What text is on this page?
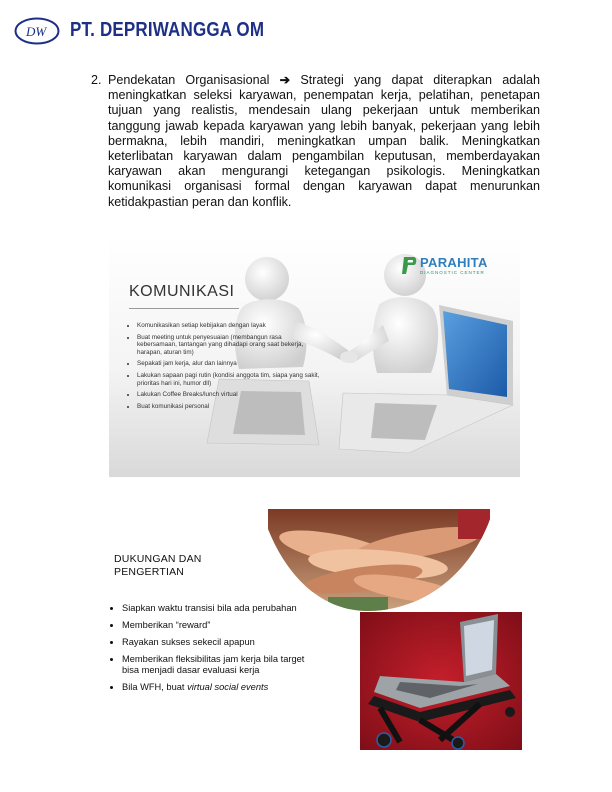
DW PT. DEPRIWANGGA OM
2. Pendekatan Organisasional ➔ Strategi yang dapat diterapkan adalah meningkatkan seleksi karyawan, penempatan kerja, pelatihan, penetapan tujuan yang realistis, mendesain ulang pekerjaan untuk memberikan tanggung jawab kepada karyawan yang lebih banyak, pekerjaan yang lebih bermakna, lebih mandiri, meningkatkan umpan balik. Meningkatkan keterlibatan karyawan dalam pengambilan keputusan, memberdayakan karyawan akan mengurangi ketegangan psikologis. Meningkatkan komunikasi organisasi formal dengan karyawan dapat menurunkan ketidakpastian peran dan konflik.
PARAHITA
DIAGNOSTIC CENTER
KOMUNIKASI
• Komunikasikan setiap kebijakan dengan layak
• Buat meeting untuk penyesuaian (membangun rasa kebersamaan, tantangan yang dihadapi orang saat bekerja, harapan, aturan tim)
• Sepakati jam kerja, alur dan lainnya
• Lakukan sapaan pagi rutin (kondisi anggota tim, siapa yang sakit, prioritas hari ini, humor dll)
• Lakukan Coffee Breaks/lunch virtual
• Buat komunikasi personal
DUKUNGAN DAN
PENGERTIAN
• Siapkan waktu transisi bila ada perubahan
• Memberikan “reward”
• Rayakan sukses sekecil apapun
• Memberikan fleksibilitas jam kerja bila target bisa menjadi dasar evaluasi kerja
• Bila WFH, buat virtual social events
